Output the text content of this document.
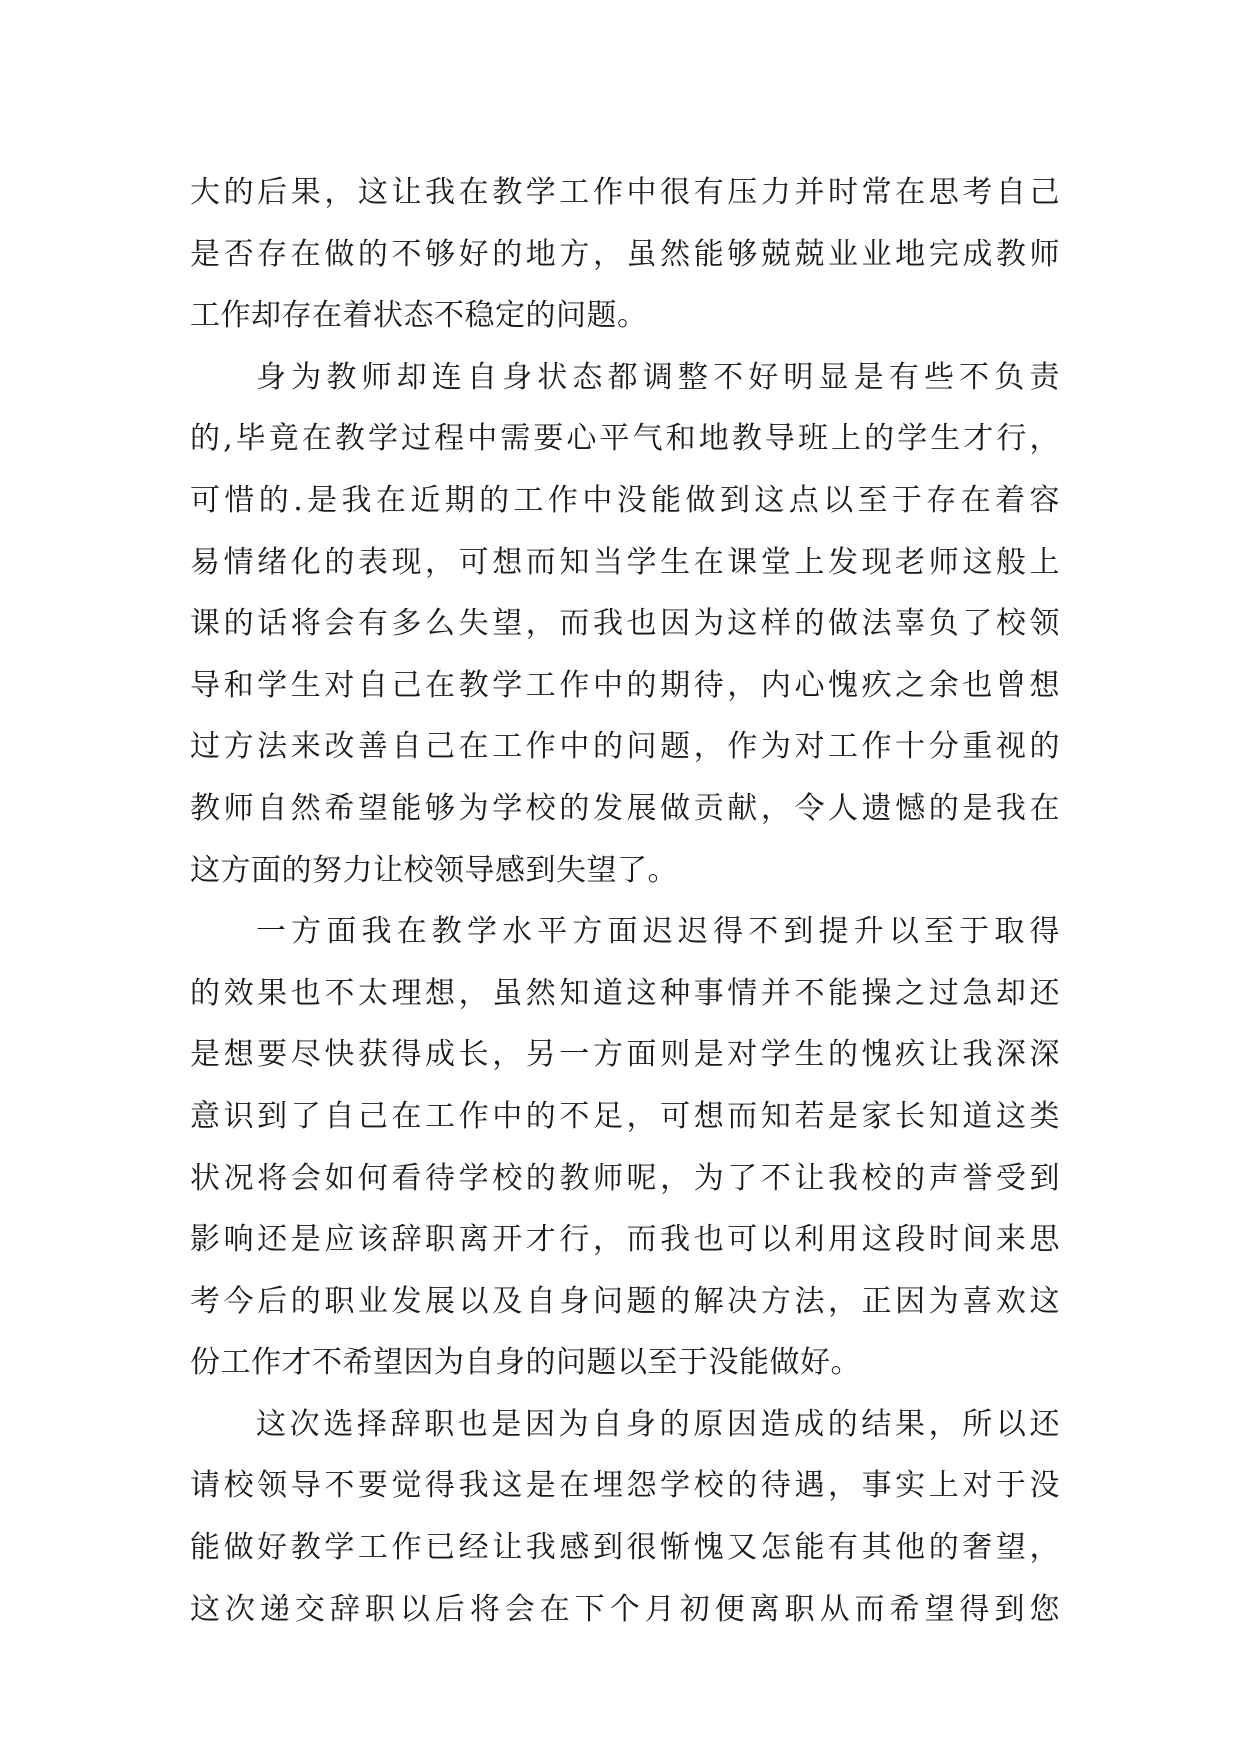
大的后果，这让我在教学工作中很有压力并时常在思考自己
是否存在做的不够好的地方，虽然能够兢兢业业地完成教师
工作却存在着状态不稳定的问题。
身为教师却连自身状态都调整不好明显是有些不负责
的,毕竟在教学过程中需要心平气和地教导班上的学生才行，
可惜的.是我在近期的工作中没能做到这点以至于存在着容
易情绪化的表现，可想而知当学生在课堂上发现老师这般上
课的话将会有多么失望，而我也因为这样的做法辜负了校领
导和学生对自己在教学工作中的期待，内心愧疚之余也曾想
过方法来改善自己在工作中的问题，作为对工作十分重视的
教师自然希望能够为学校的发展做贡献，令人遗憾的是我在
这方面的努力让校领导感到失望了。
一方面我在教学水平方面迟迟得不到提升以至于取得
的效果也不太理想，虽然知道这种事情并不能操之过急却还
是想要尽快获得成长，另一方面则是对学生的愧疚让我深深
意识到了自己在工作中的不足，可想而知若是家长知道这类
状况将会如何看待学校的教师呢，为了不让我校的声誉受到
影响还是应该辞职离开才行，而我也可以利用这段时间来思
考今后的职业发展以及自身问题的解决方法，正因为喜欢这
份工作才不希望因为自身的问题以至于没能做好。
这次选择辞职也是因为自身的原因造成的结果，所以还
请校领导不要觉得我这是在埋怨学校的待遇，事实上对于没
能做好教学工作已经让我感到很惭愧又怎能有其他的奢望，
这次递交辞职以后将会在下个月初便离职从而希望得到您
